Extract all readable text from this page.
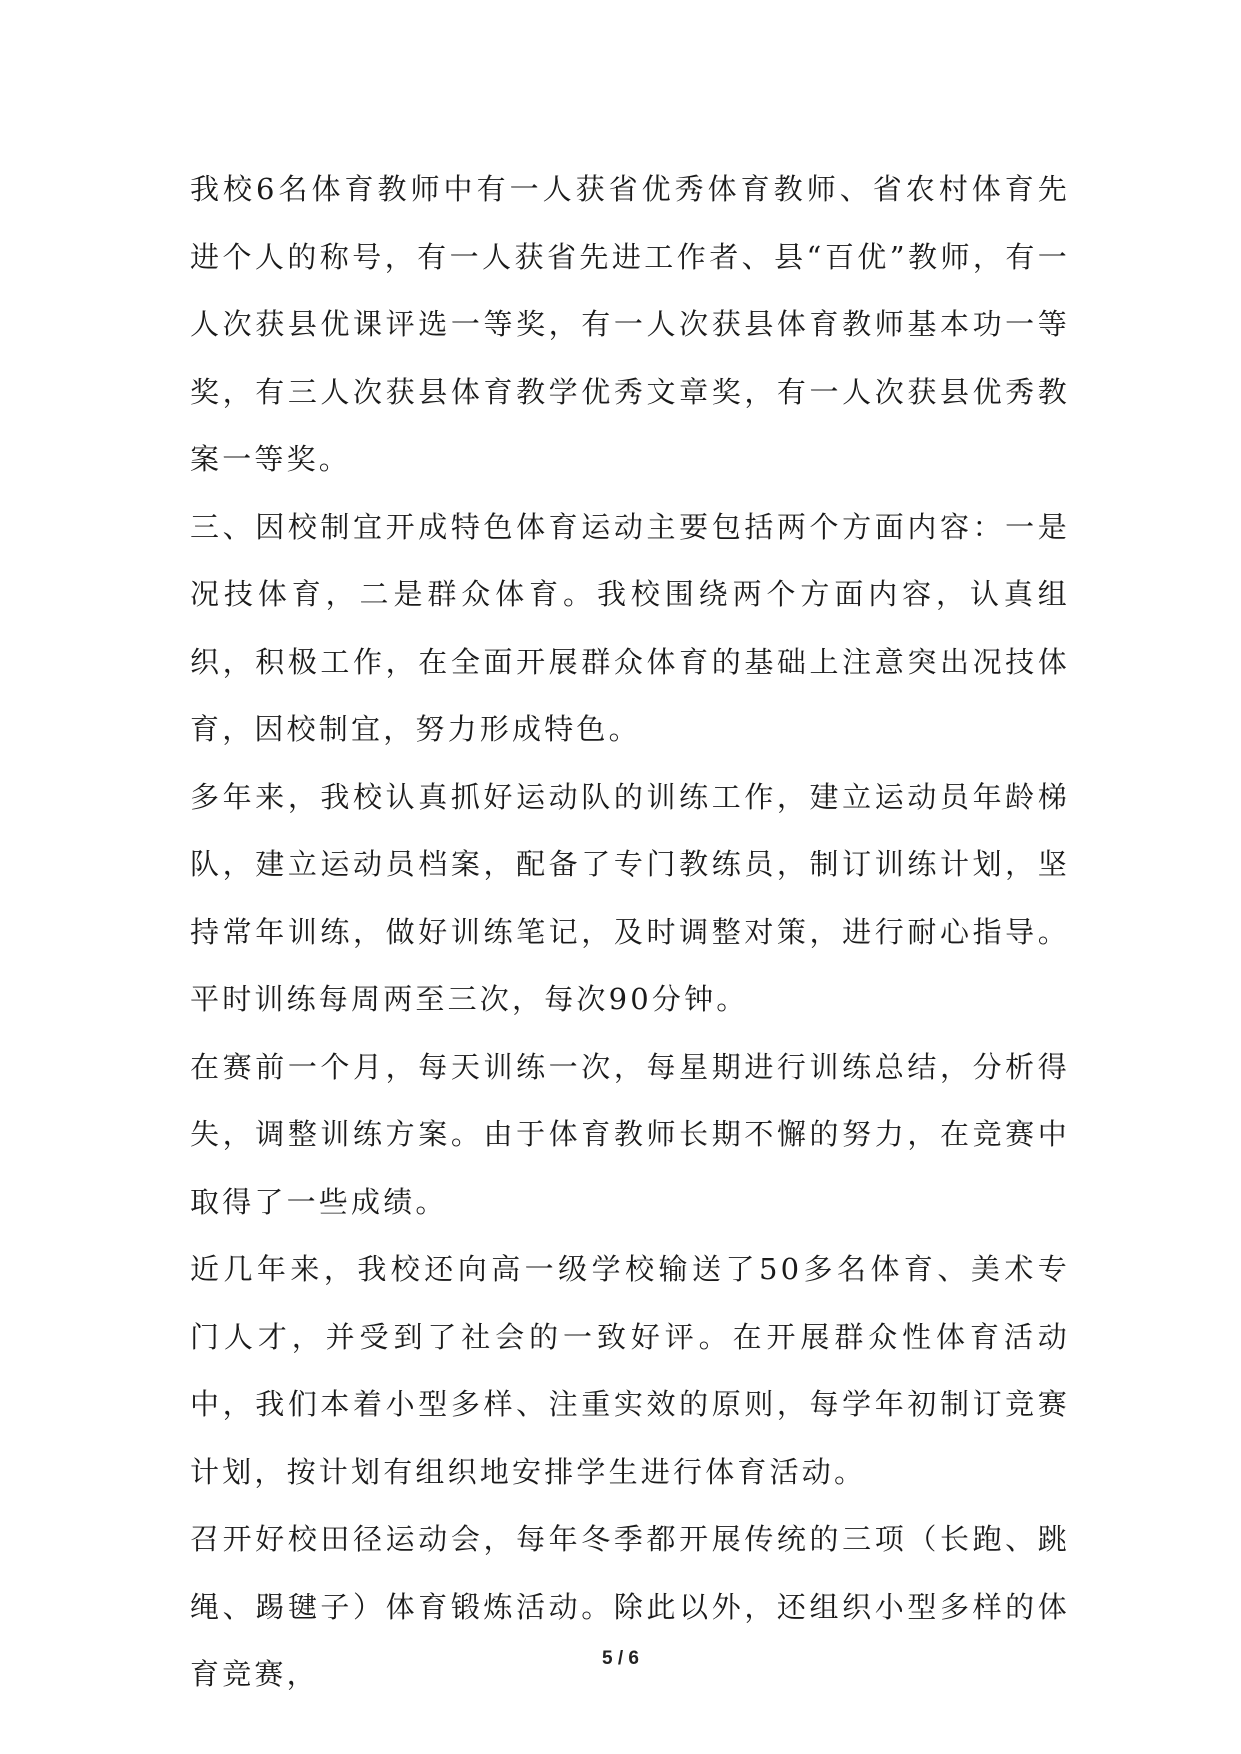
我校6名体育教师中有一人获省优秀体育教师、省农村体育先进个人的称号，有一人获省先进工作者、县“百优”教师，有一人次获县优课评选一等奖，有一人次获县体育教师基本功一等奖，有三人次获县体育教学优秀文章奖，有一人次获县优秀教案一等奖。

三、因校制宜开成特色体育运动主要包括两个方面内容：一是况技体育，二是群众体育。我校围绕两个方面内容，认真组织，积极工作，在全面开展群众体育的基础上注意突出况技体育，因校制宜，努力形成特色。

多年来，我校认真抓好运动队的训练工作，建立运动员年龄梯队，建立运动员档案，配备了专门教练员，制订训练计划，坚持常年训练，做好训练笔记，及时调整对策，进行耐心指导。平时训练每周两至三次，每次90分钟。

在赛前一个月，每天训练一次，每星期进行训练总结，分析得失，调整训练方案。由于体育教师长期不懈的努力，在竞赛中取得了一些成绩。

近几年来，我校还向高一级学校输送了50多名体育、美术专门人才，并受到了社会的一致好评。在开展群众性体育活动中，我们本着小型多样、注重实效的原则，每学年初制订竞赛计划，按计划有组织地安排学生进行体育活动。

召开好校田径运动会，每年冬季都开展传统的三项（长跑、跳绳、踢毽子）体育锻炼活动。除此以外，还组织小型多样的体育竞赛，	5 / 6
